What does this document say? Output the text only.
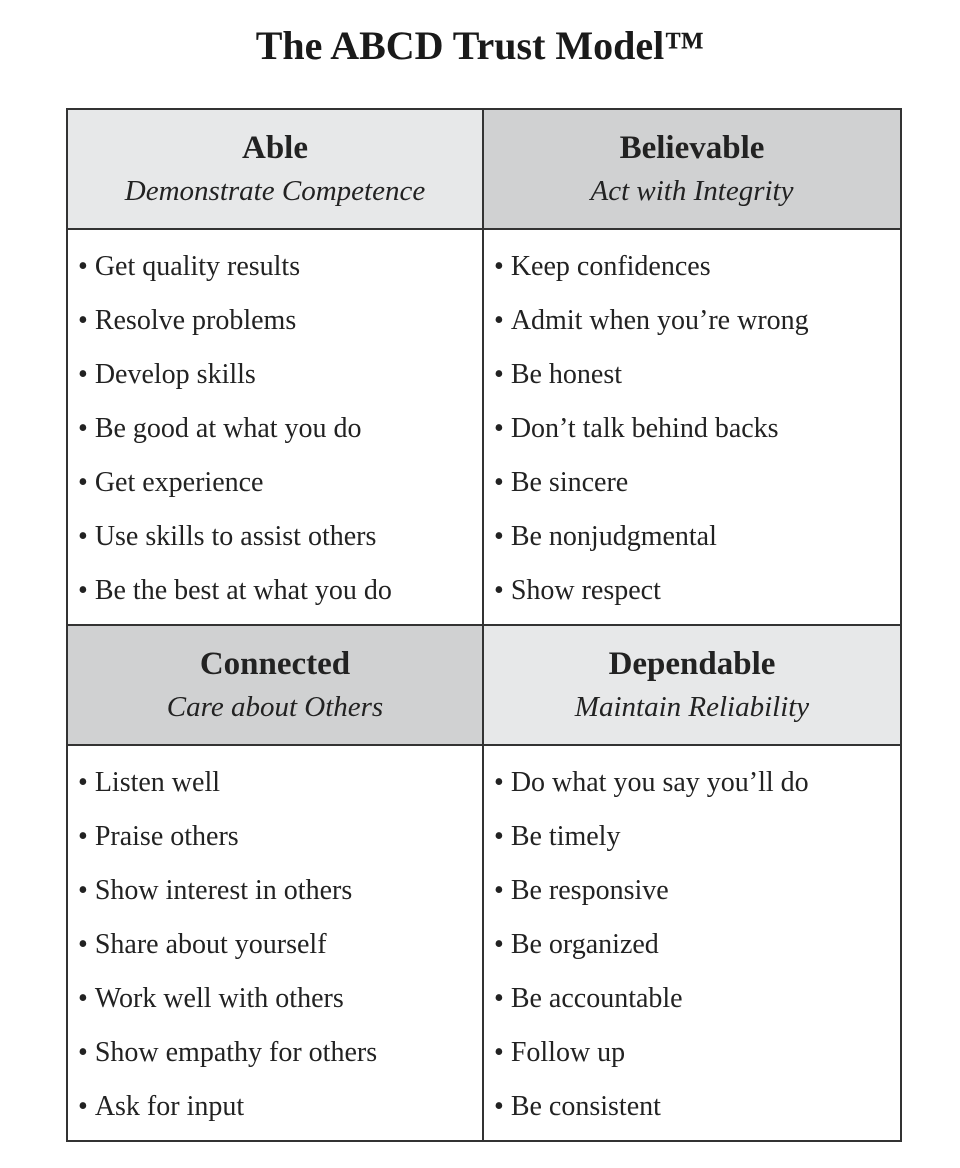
The ABCD Trust Model™
Able
Demonstrate Competence
Believable
Act with Integrity
• Get quality results
• Resolve problems
• Develop skills
• Be good at what you do
• Get experience
• Use skills to assist others
• Be the best at what you do
• Keep confidences
• Admit when you’re wrong
• Be honest
• Don’t talk behind backs
• Be sincere
• Be nonjudgmental
• Show respect
Connected
Care about Others
Dependable
Maintain Reliability
• Listen well
• Praise others
• Show interest in others
• Share about yourself
• Work well with others
• Show empathy for others
• Ask for input
• Do what you say you’ll do
• Be timely
• Be responsive
• Be organized
• Be accountable
• Follow up
• Be consistent
